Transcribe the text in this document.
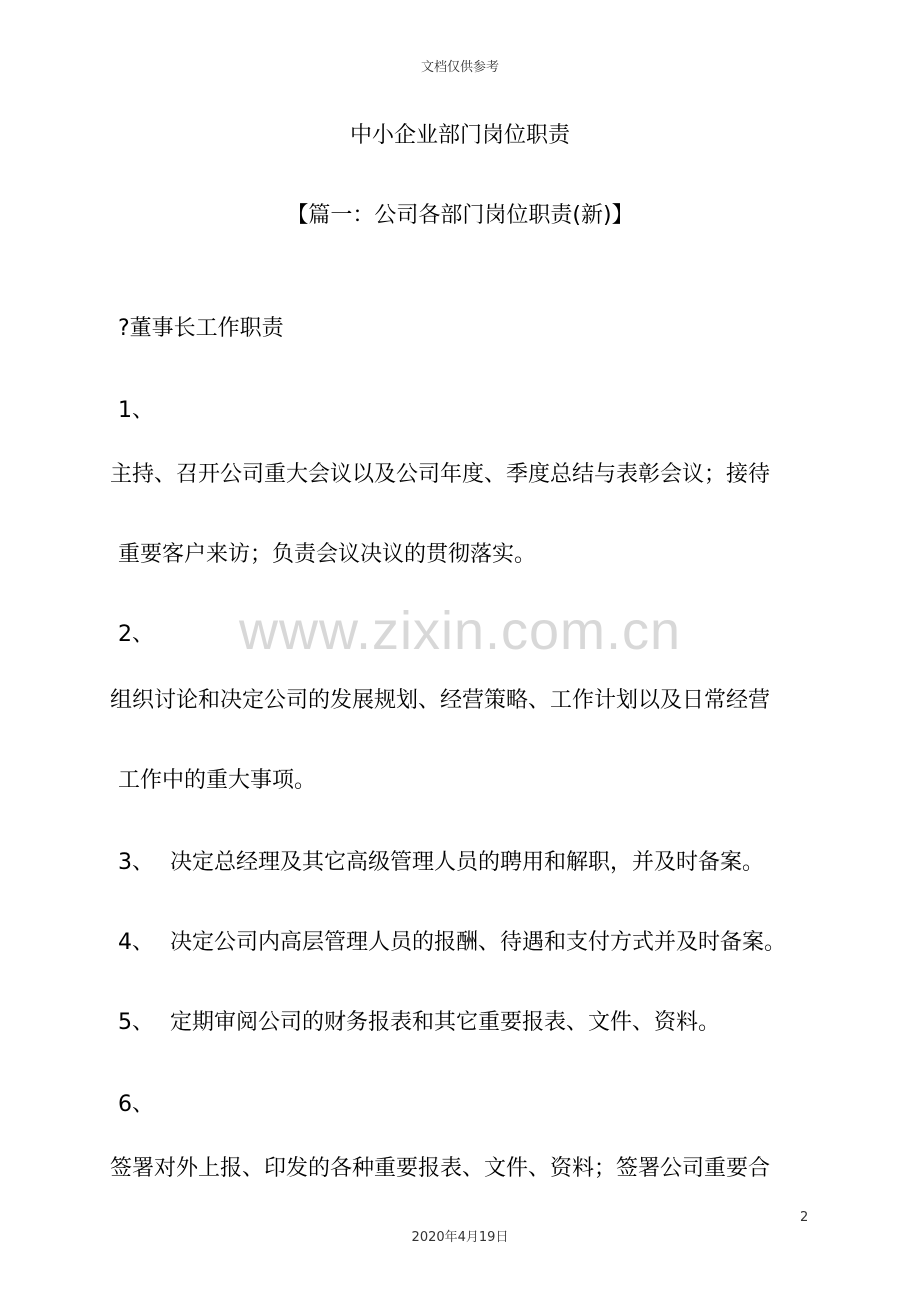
文档仅供参考
中小企业部门岗位职责
【篇一：公司各部门岗位职责(新)】
www.zixin.com.cn
?董事长工作职责
1、
主持、召开公司重大会议以及公司年度、季度总结与表彰会议；接待
重要客户来访；负责会议决议的贯彻落实。
2、
组织讨论和决定公司的发展规划、经营策略、工作计划以及日常经营
工作中的重大事项。
3、 决定总经理及其它高级管理人员的聘用和解职，并及时备案。
4、 决定公司内高层管理人员的报酬、待遇和支付方式并及时备案。
5、 定期审阅公司的财务报表和其它重要报表、文件、资料。
6、
签署对外上报、印发的各种重要报表、文件、资料；签署公司重要合
2
2020年4月19日
